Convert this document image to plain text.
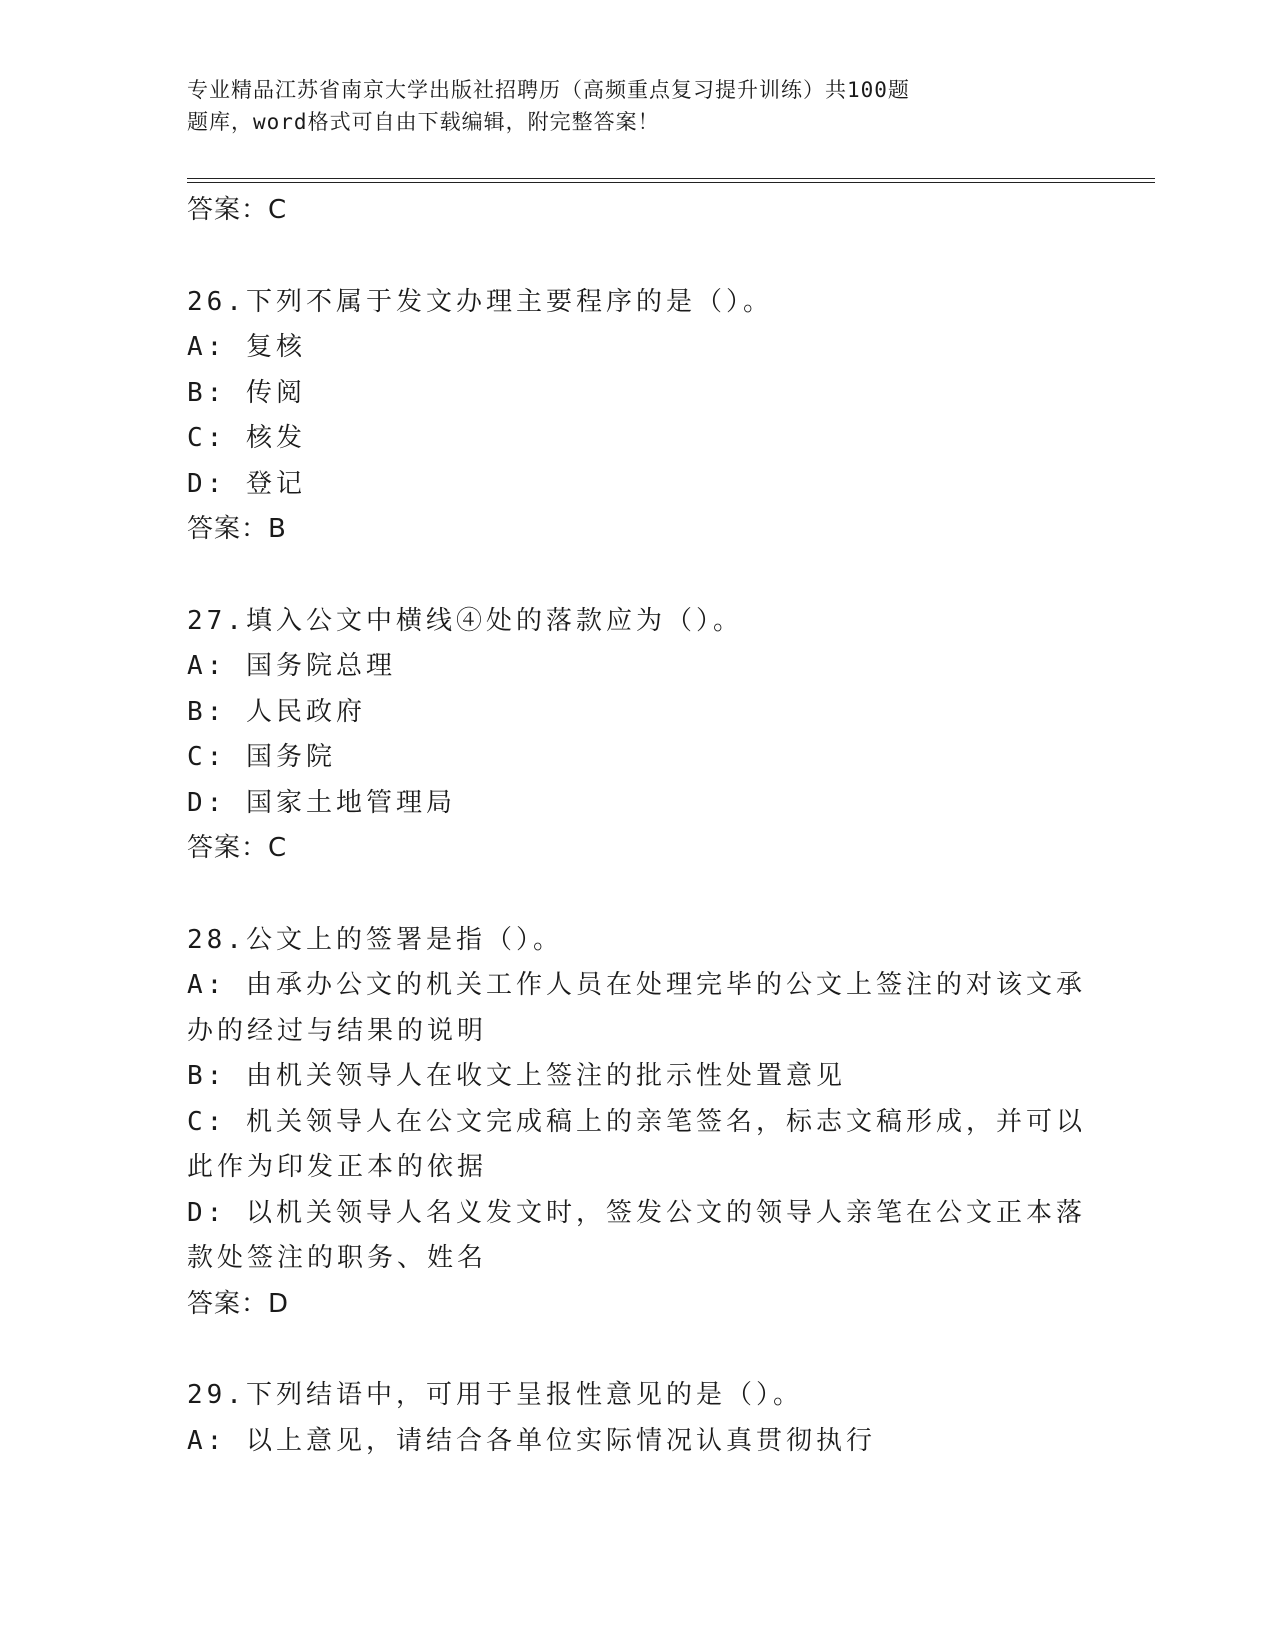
专业精品江苏省南京大学出版社招聘历（高频重点复习提升训练）共100题
题库，word格式可自由下载编辑，附完整答案！
答案：C
26.下列不属于发文办理主要程序的是（）。
A: 复核
B: 传阅
C: 核发
D: 登记
答案：B
27.填入公文中横线④处的落款应为（）。
A: 国务院总理
B: 人民政府
C: 国务院
D: 国家土地管理局
答案：C
28.公文上的签署是指（）。
A: 由承办公文的机关工作人员在处理完毕的公文上签注的对该文承办的经过与结果的说明
B: 由机关领导人在收文上签注的批示性处置意见
C: 机关领导人在公文完成稿上的亲笔签名，标志文稿形成，并可以此作为印发正本的依据
D: 以机关领导人名义发文时，签发公文的领导人亲笔在公文正本落款处签注的职务、姓名
答案：D
29.下列结语中，可用于呈报性意见的是（）。
A: 以上意见，请结合各单位实际情况认真贯彻执行
